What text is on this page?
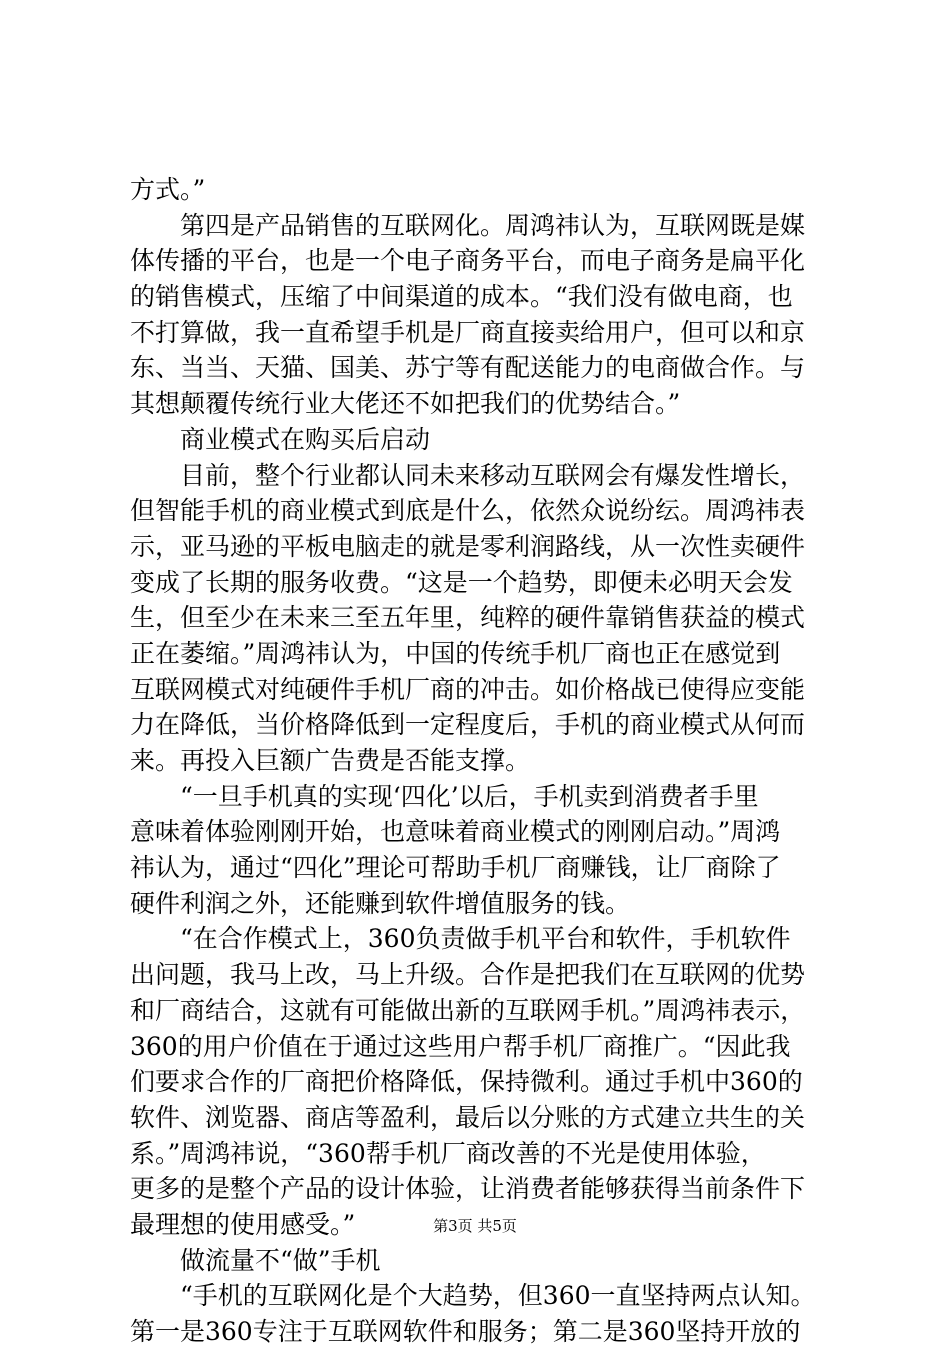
方式。”
　　第四是产品销售的互联网化。周鸿祎认为，互联网既是媒
体传播的平台，也是一个电子商务平台，而电子商务是扁平化
的销售模式，压缩了中间渠道的成本。“我们没有做电商，也
不打算做，我一直希望手机是厂商直接卖给用户，但可以和京
东、当当、天猫、国美、苏宁等有配送能力的电商做合作。与
其想颠覆传统行业大佬还不如把我们的优势结合。”
　　商业模式在购买后启动
　　目前，整个行业都认同未来移动互联网会有爆发性增长，
但智能手机的商业模式到底是什么，依然众说纷纭。周鸿祎表
示，亚马逊的平板电脑走的就是零利润路线，从一次性卖硬件
变成了长期的服务收费。“这是一个趋势，即便未必明天会发
生，但至少在未来三至五年里，纯粹的硬件靠销售获益的模式
正在萎缩。”周鸿祎认为，中国的传统手机厂商也正在感觉到
互联网模式对纯硬件手机厂商的冲击。如价格战已使得应变能
力在降低，当价格降低到一定程度后，手机的商业模式从何而
来。再投入巨额广告费是否能支撑。
　　“一旦手机真的实现‘四化’以后，手机卖到消费者手里
意味着体验刚刚开始，也意味着商业模式的刚刚启动。”周鸿
祎认为，通过“四化”理论可帮助手机厂商赚钱，让厂商除了
硬件利润之外，还能赚到软件增值服务的钱。
　　“在合作模式上，360负责做手机平台和软件，手机软件
出问题，我马上改，马上升级。合作是把我们在互联网的优势
和厂商结合，这就有可能做出新的互联网手机。”周鸿祎表示，
360的用户价值在于通过这些用户帮手机厂商推广。“因此我
们要求合作的厂商把价格降低，保持微利。通过手机中360的
软件、浏览器、商店等盈利，最后以分账的方式建立共生的关
系。”周鸿祎说，“360帮手机厂商改善的不光是使用体验，
更多的是整个产品的设计体验，让消费者能够获得当前条件下
最理想的使用感受。”
　　做流量不“做”手机
　　“手机的互联网化是个大趋势，但360一直坚持两点认知。
第一是360专注于互联网软件和服务；第二是360坚持开放的
第3页 共5页
